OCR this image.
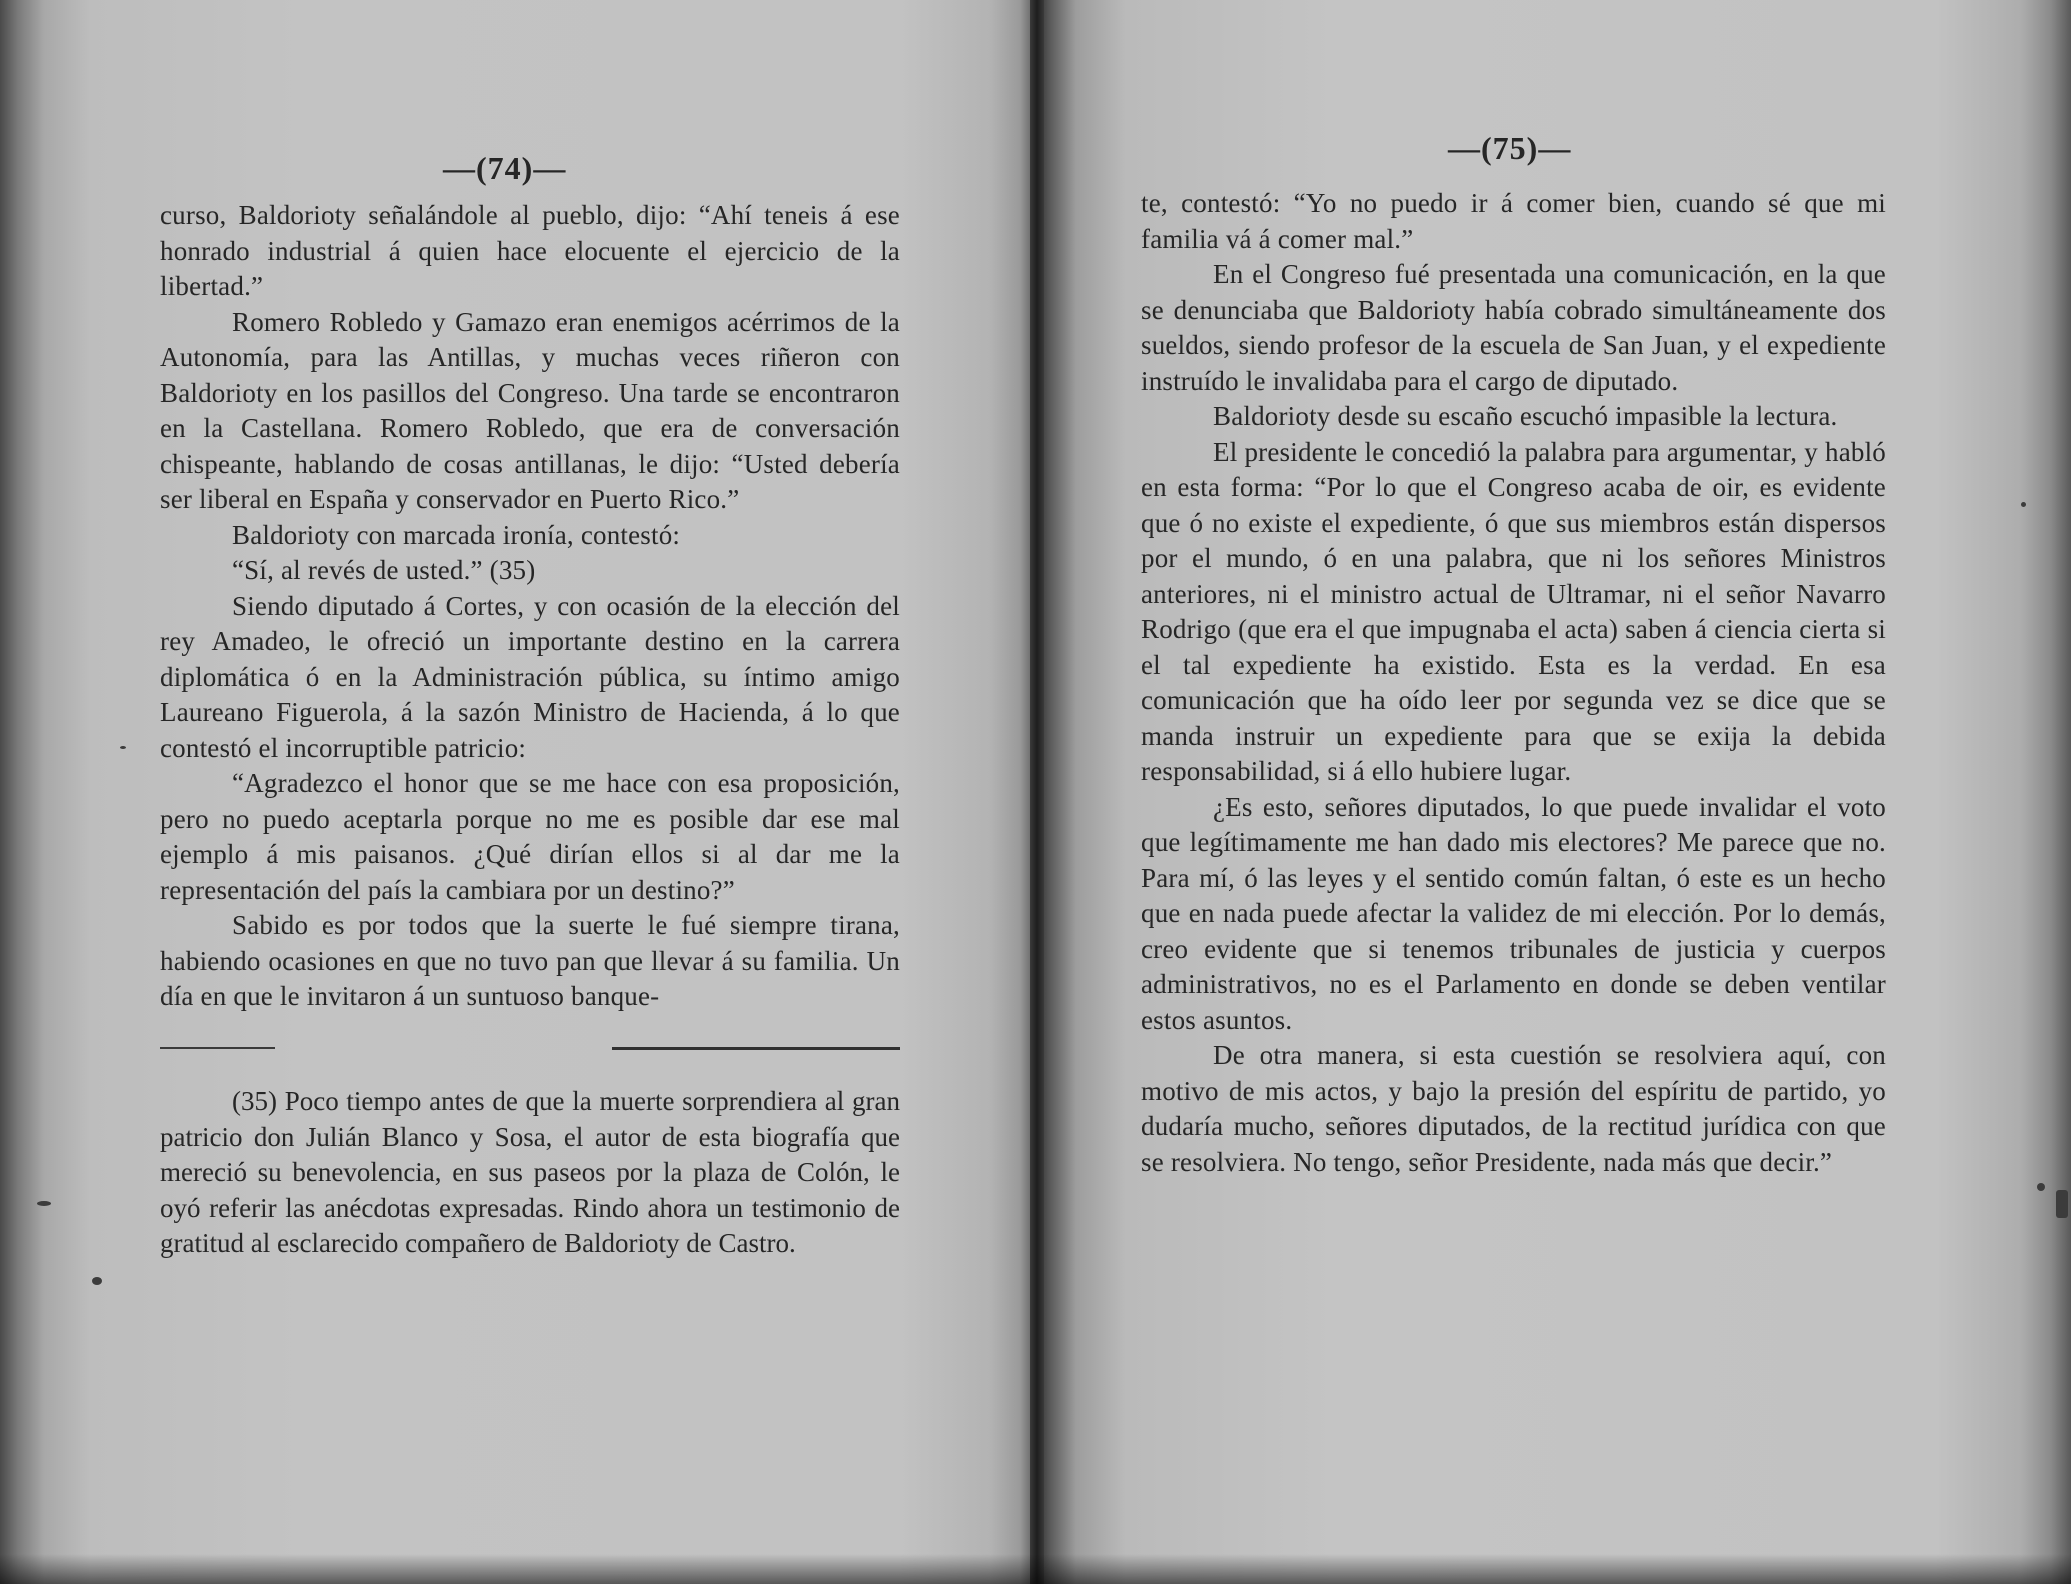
—(74)—

curso, Baldorioty señalándole al pueblo, dijo: “Ahí teneis á ese honrado industrial á quien hace elocuente el ejercicio de la libertad.”

Romero Robledo y Gamazo eran enemigos acérrimos de la Autonomía, para las Antillas, y muchas veces riñeron con Baldorioty en los pasillos del Congreso. Una tarde se encontraron en la Castellana. Romero Robledo, que era de conversación chispeante, hablando de cosas antillanas, le dijo: “Usted debería ser liberal en España y conservador en Puerto Rico.”

Baldorioty con marcada ironía, contestó:

“Sí, al revés de usted.” (35)

Siendo diputado á Cortes, y con ocasión de la elección del rey Amadeo, le ofreció un importante destino en la carrera diplomática ó en la Administración pública, su íntimo amigo Laureano Figuerola, á la sazón Ministro de Hacienda, á lo que contestó el incorruptible patricio:

“Agradezco el honor que se me hace con esa proposición, pero no puedo aceptarla porque no me es posible dar ese mal ejemplo á mis paisanos. ¿Qué dirían ellos si al dar me la representación del país la cambiara por un destino?”

Sabido es por todos que la suerte le fué siempre tirana, habiendo ocasiones en que no tuvo pan que llevar á su familia. Un día en que le invitaron á un suntuoso banque-

(35) Poco tiempo antes de que la muerte sorprendiera al gran patricio don Julián Blanco y Sosa, el autor de esta biografía que mereció su benevolencia, en sus paseos por la plaza de Colón, le oyó referir las anécdotas expresadas. Rindo ahora un testimonio de gratitud al esclarecido compañero de Baldorioty de Castro.

—(75)—

te, contestó: “Yo no puedo ir á comer bien, cuando sé que mi familia vá á comer mal.”

En el Congreso fué presentada una comunicación, en la que se denunciaba que Baldorioty había cobrado simultáneamente dos sueldos, siendo profesor de la escuela de San Juan, y el expediente instruído le invalidaba para el cargo de diputado.

Baldorioty desde su escaño escuchó impasible la lectura.

El presidente le concedió la palabra para argumentar, y habló en esta forma: “Por lo que el Congreso acaba de oir, es evidente que ó no existe el expediente, ó que sus miembros están dispersos por el mundo, ó en una palabra, que ni los señores Ministros anteriores, ni el ministro actual de Ultramar, ni el señor Navarro Rodrigo (que era el que impugnaba el acta) saben á ciencia cierta si el tal expediente ha existido. Esta es la verdad. En esa comunicación que ha oído leer por segunda vez se dice que se manda instruir un expediente para que se exija la debida responsabilidad, si á ello hubiere lugar.

¿Es esto, señores diputados, lo que puede invalidar el voto que legítimamente me han dado mis electores? Me parece que no. Para mí, ó las leyes y el sentido común faltan, ó este es un hecho que en nada puede afectar la validez de mi elección. Por lo demás, creo evidente que si tenemos tribunales de justicia y cuerpos administrativos, no es el Parlamento en donde se deben ventilar estos asuntos.

De otra manera, si esta cuestión se resolviera aquí, con motivo de mis actos, y bajo la presión del espíritu de partido, yo dudaría mucho, señores diputados, de la rectitud jurídica con que se resolviera. No tengo, señor Presidente, nada más que decir.”
